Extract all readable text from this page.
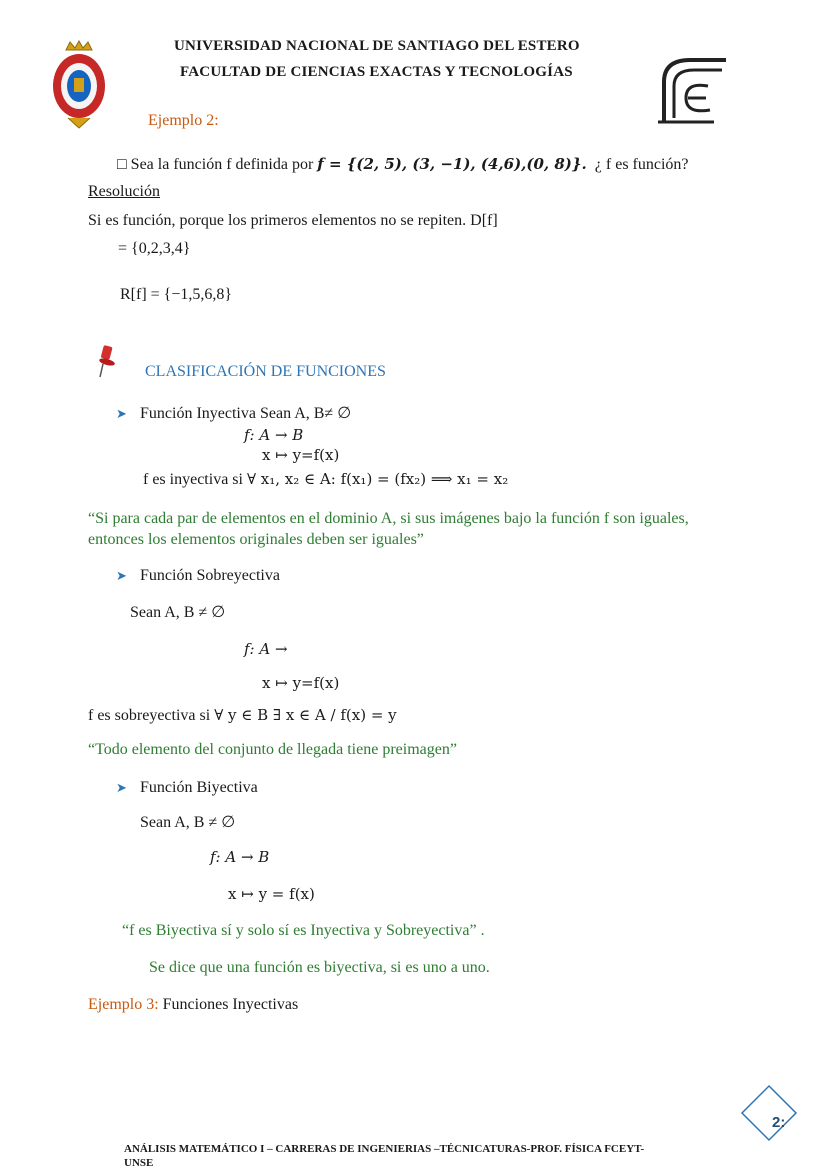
UNIVERSIDAD NACIONAL DE SANTIAGO DEL ESTERO
FACULTAD DE CIENCIAS EXACTAS Y TECNOLOGÍAS
Ejemplo 2:
□ Sea la función f definida por f = {(2, 5), (3, −1), (4,6),(0, 8)}. ¿ f es función?
Resolución
Si es función, porque los primeros elementos no se repiten. D[f]
= {0,2,3,4}
R[f] = {−1,5,6,8}
CLASIFICACIÓN DE FUNCIONES
➤ Función Inyectiva Sean A, B≠ ∅
f: A → B
x ↦ y=f(x)
f es inyectiva si ∀ x₁, x₂ ∈ A: f(x₁) = (fx₂) ⟹ x₁ = x₂
“Si para cada par de elementos en el dominio A, si sus imágenes bajo la función f son iguales,
entonces los elementos originales deben ser iguales”
➤ Función Sobreyectiva
Sean A, B ≠ ∅
f: A →
x ↦ y=f(x)
f es sobreyectiva si ∀ y ∈ B ∃ x ∈ A / f(x) = y
“Todo elemento del conjunto de llegada tiene preimagen”
➤ Función Biyectiva
Sean A, B ≠ ∅
f: A → B
x ↦ y = f(x)
“f es Biyectiva sí y solo sí es Inyectiva y Sobreyectiva” .
Se dice que una función es biyectiva, si es uno a uno.
Ejemplo 3: Funciones Inyectivas
2:
ANÁLISIS MATEMÁTICO I – CARRERAS DE INGENIERIAS –TÉCNICATURAS-PROF. FÍSICA FCEYT-
UNSE
